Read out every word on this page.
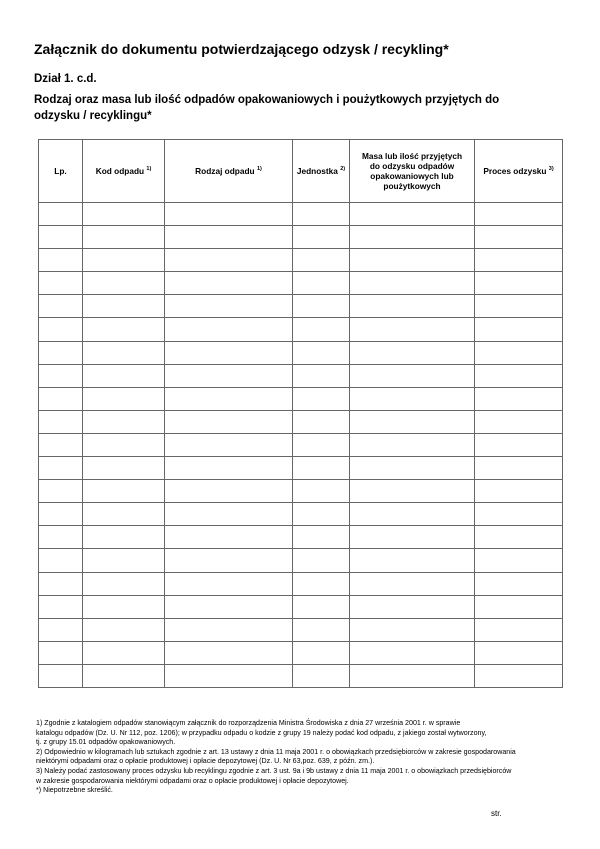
Załącznik do dokumentu potwierdzającego odzysk / recykling*
Dział 1. c.d.
Rodzaj oraz masa lub ilość odpadów opakowaniowych i poużytkowych przyjętych do odzysku / recyklingu*
Lp.	Kod odpadu $^{1)}$	Rodzaj odpadu $^{1)}$	Jednostka $^{2)}$	Masa lub ilość przyjętych do odzysku odpadów opakowaniowych lub poużytkowych	Proces odzysku $^{3)}$

1) Zgodnie z katalogiem odpadów stanowiącym załącznik do rozporządzenia Ministra Środowiska z dnia 27 września 2001 r. w sprawie
katalogu odpadów (Dz. U. Nr 112, poz. 1206); w przypadku odpadu o kodzie z grupy 19 należy podać kod odpadu, z jakiego został wytworzony,
tj. z grupy 15.01 odpadów opakowaniowych.
2) Odpowiednio w kilogramach lub sztukach zgodnie z art. 13 ustawy z dnia 11 maja 2001 r. o obowiązkach przedsiębiorców w zakresie gospodarowania
niektórymi odpadami oraz o opłacie produktowej i opłacie depozytowej (Dz. U. Nr 63,poz. 639, z późn. zm.).
3) Należy podać zastosowany proces odzysku lub recyklingu zgodnie z art. 3 ust. 9a i 9b ustawy z dnia 11 maja 2001 r. o obowiązkach przedsiębiorców
w zakresie gospodarowania niektórymi odpadami oraz o opłacie produktowej i opłacie depozytowej.
*) Niepotrzebne skreślić.
str.
